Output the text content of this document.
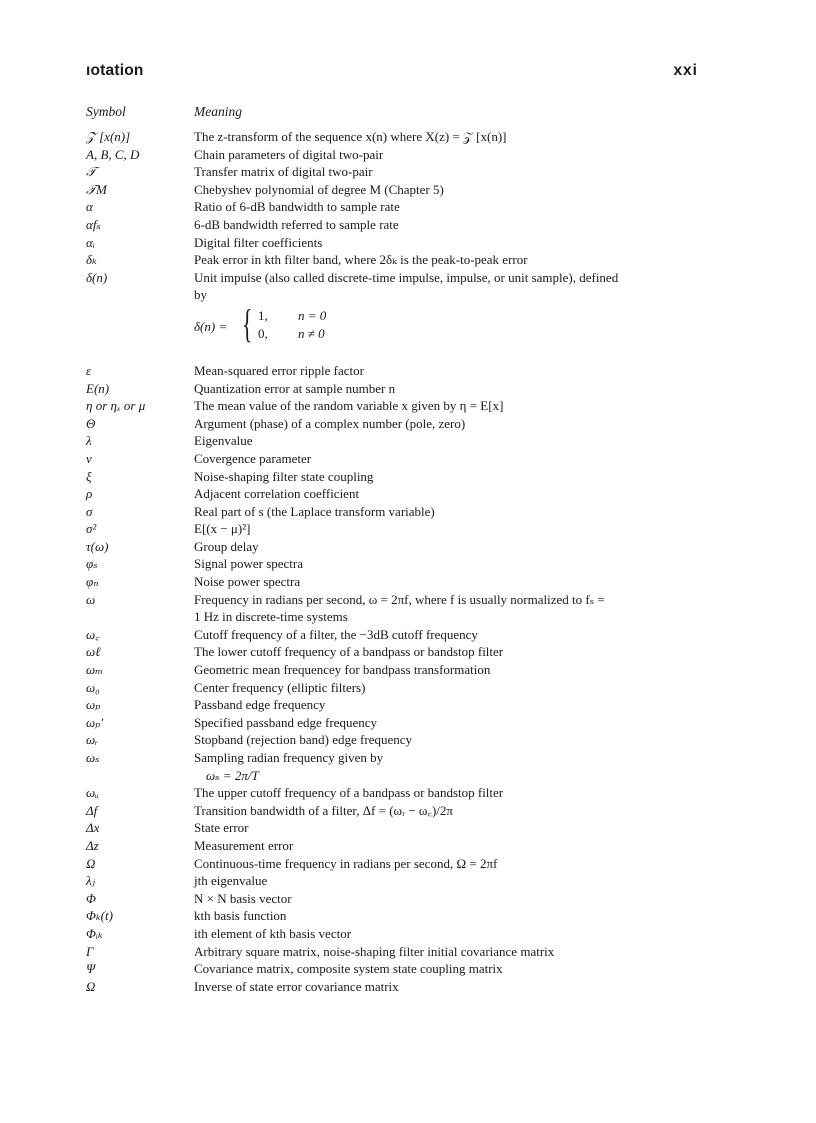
ıotation	xxi
Symbol	Meaning
𝒵 [x(n)]	The z-transform of the sequence x(n) where X(z) = 𝒵 [x(n)]
A, B, C, D	Chain parameters of digital two-pair
𝒯	Transfer matrix of digital two-pair
𝒯M	Chebyshev polynomial of degree M (Chapter 5)
α	Ratio of 6-dB bandwidth to sample rate
αfₛ	6-dB bandwidth referred to sample rate
αᵢ	Digital filter coefficients
δₖ	Peak error in kth filter band, where 2δₖ is the peak-to-peak error
δ(n)	Unit impulse (also called discrete-time impulse, impulse, or unit sample), defined
by
δ(n) = { 1, n = 0
0, n ≠ 0
ε	Mean-squared error ripple factor
E(n)	Quantization error at sample number n
η or ηₓ or μ	The mean value of the random variable x given by η = E[x]
Θ	Argument (phase) of a complex number (pole, zero)
λ	Eigenvalue
ν	Covergence parameter
ξ	Noise-shaping filter state coupling
ρ	Adjacent correlation coefficient
σ	Real part of s (the Laplace transform variable)
σ²	E[(x − μ)²]
τ(ω)	Group delay
φₛ	Signal power spectra
φₙ	Noise power spectra
ω	Frequency in radians per second, ω = 2πf, where f is usually normalized to fₛ =
1 Hz in discrete-time systems
ω꜀	Cutoff frequency of a filter, the −3dB cutoff frequency
ωℓ	The lower cutoff frequency of a bandpass or bandstop filter
ωₘ	Geometric mean frequencey for bandpass transformation
ω₀	Center frequency (elliptic filters)
ωₚ	Passband edge frequency
ωₚ′	Specified passband edge frequency
ωᵣ	Stopband (rejection band) edge frequency
ωₛ	Sampling radian frequency given by
ωₛ = 2π/T
ωᵤ	The upper cutoff frequency of a bandpass or bandstop filter
Δf	Transition bandwidth of a filter, Δf = (ωᵣ − ω꜀)/2π
Δx	State error
Δz	Measurement error
Ω	Continuous-time frequency in radians per second, Ω = 2πf
λⱼ	jth eigenvalue
Φ	N × N basis vector
Φₖ(t)	kth basis function
Φᵢₖ	ith element of kth basis vector
Γ	Arbitrary square matrix, noise-shaping filter initial covariance matrix
Ψ	Covariance matrix, composite system state coupling matrix
Ω	Inverse of state error covariance matrix
